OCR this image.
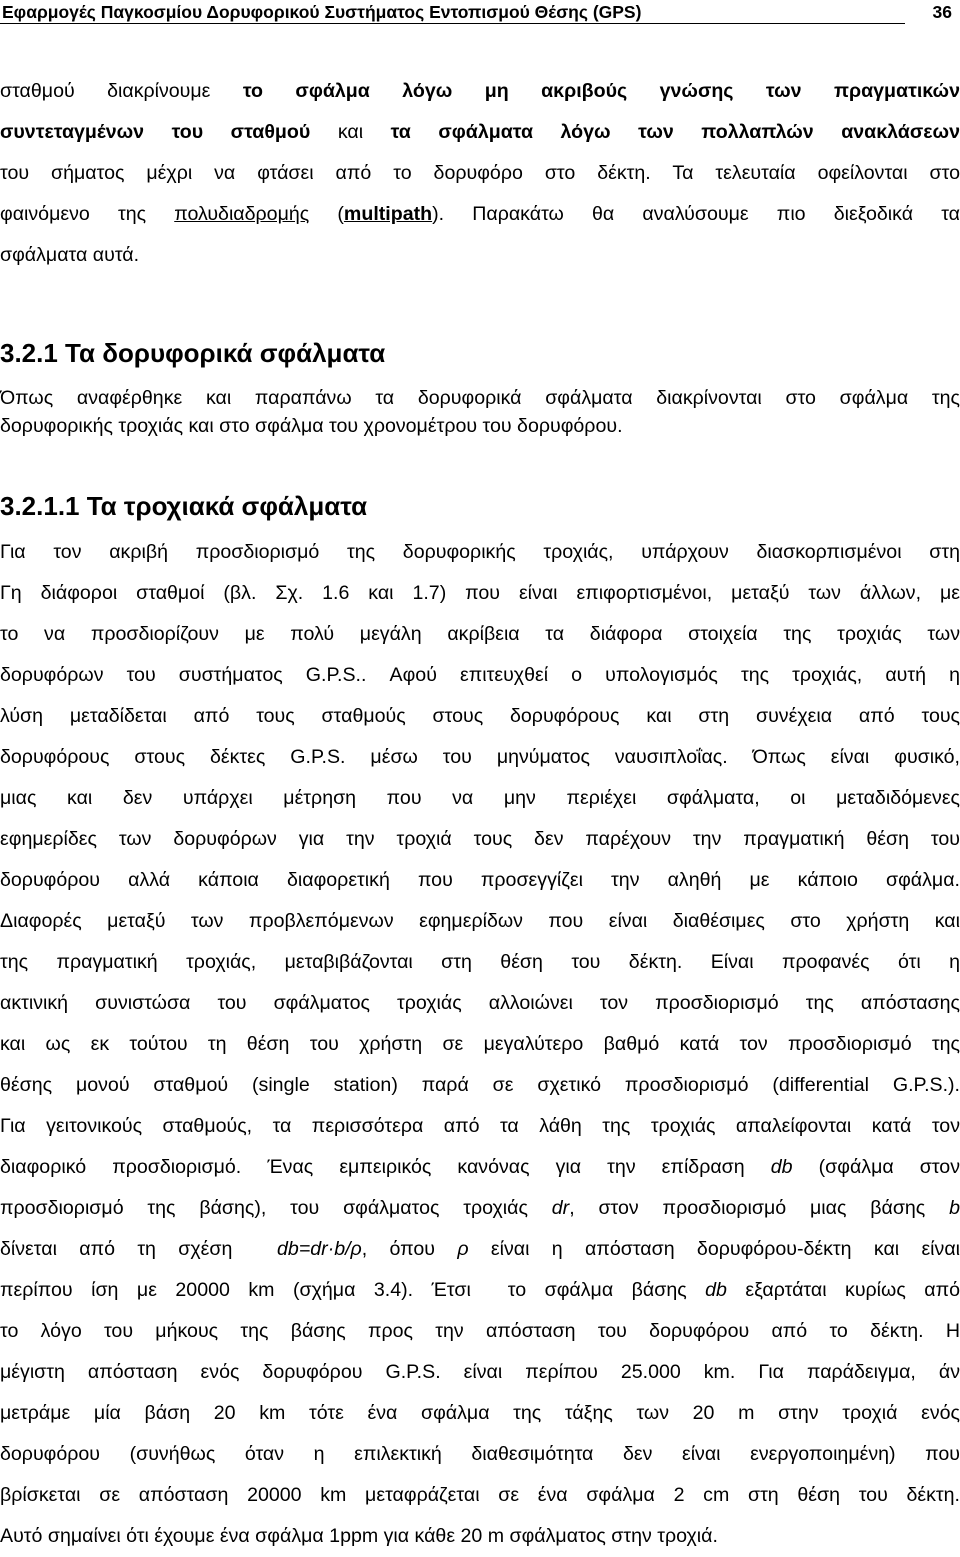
Εφαρμογές Παγκοσμίου Δορυφορικού Συστήματος Εντοπισμού Θέσης (GPS)	36
σταθμού διακρίνουμε το σφάλμα λόγω μη ακριβούς γνώσης των πραγματικών
συντεταγμένων του σταθμού και τα σφάλματα λόγω των πολλαπλών ανακλάσεων
του σήματος μέχρι να φτάσει από το δορυφόρο στο δέκτη. Τα τελευταία οφείλονται στο
φαινόμενο της πολυδιαδρομής (multipath). Παρακάτω θα αναλύσουμε πιο διεξοδικά τα
σφάλματα αυτά.
3.2.1 Τα δορυφορικά σφάλματα
Όπως αναφέρθηκε και παραπάνω τα δορυφορικά σφάλματα διακρίνονται στο σφάλμα της
δορυφορικής τροχιάς και στο σφάλμα του χρονομέτρου του δορυφόρου.
3.2.1.1 Τα τροχιακά σφάλματα
Για τον ακριβή προσδιορισμό της δορυφορικής τροχιάς, υπάρχουν διασκορπισμένοι στη
Γη διάφοροι σταθμοί (βλ. Σχ. 1.6 και 1.7) που είναι επιφορτισμένοι, μεταξύ των άλλων, με
το να προσδιορίζουν με πολύ μεγάλη ακρίβεια τα διάφορα στοιχεία της τροχιάς των
δορυφόρων του συστήματος G.P.S.. Αφού επιτευχθεί ο υπολογισμός της τροχιάς, αυτή η
λύση μεταδίδεται από τους σταθμούς στους δορυφόρους και στη συνέχεια από τους
δορυφόρους στους δέκτες G.P.S. μέσω του μηνύματος ναυσιπλοΐας. Όπως είναι φυσικό,
μιας και δεν υπάρχει μέτρηση που να μην περιέχει σφάλματα, οι μεταδιδόμενες
εφημερίδες των δορυφόρων για την τροχιά τους δεν παρέχουν την πραγματική θέση του
δορυφόρου αλλά κάποια διαφορετική που προσεγγίζει την αληθή με κάποιο σφάλμα.
Διαφορές μεταξύ των προβλεπόμενων εφημερίδων που είναι διαθέσιμες στο χρήστη και
της πραγματική τροχιάς, μεταβιβάζονται στη θέση του δέκτη. Είναι προφανές ότι η
ακτινική συνιστώσα του σφάλματος τροχιάς αλλοιώνει τον προσδιορισμό της απόστασης
και ως εκ τούτου τη θέση του χρήστη σε μεγαλύτερο βαθμό κατά τον προσδιορισμό της
θέσης μονού σταθμού (single station) παρά σε σχετικό προσδιορισμό (differential G.P.S.).
Για γειτονικούς σταθμούς, τα περισσότερα από τα λάθη της τροχιάς απαλείφονται κατά τον
διαφορικό προσδιορισμό. Ένας εμπειρικός κανόνας για την επίδραση db (σφάλμα στον
προσδιορισμό της βάσης), του σφάλματος τροχιάς dr, στον προσδιορισμό μιας βάσης b
δίνεται από τη σχέση  db=dr·b/ρ, όπου ρ είναι η απόσταση δορυφόρου-δέκτη και είναι
περίπου ίση με 20000 km (σχήμα 3.4). Έτσι  το σφάλμα βάσης db εξαρτάται κυρίως από
το λόγο του μήκους της βάσης προς την απόσταση του δορυφόρου από το δέκτη. Η
μέγιστη απόσταση ενός δορυφόρου G.P.S. είναι περίπου 25.000 km. Για παράδειγμα, άν
μετράμε μία βάση 20 km τότε ένα σφάλμα της τάξης των 20 m στην τροχιά ενός
δορυφόρου (συνήθως όταν η επιλεκτική διαθεσιμότητα δεν είναι ενεργοποιημένη) που
βρίσκεται σε απόσταση 20000 km μεταφράζεται σε ένα σφάλμα 2 cm στη θέση του δέκτη.
Αυτό σημαίνει ότι έχουμε ένα σφάλμα 1ppm για κάθε 20 m σφάλματος στην τροχιά.
